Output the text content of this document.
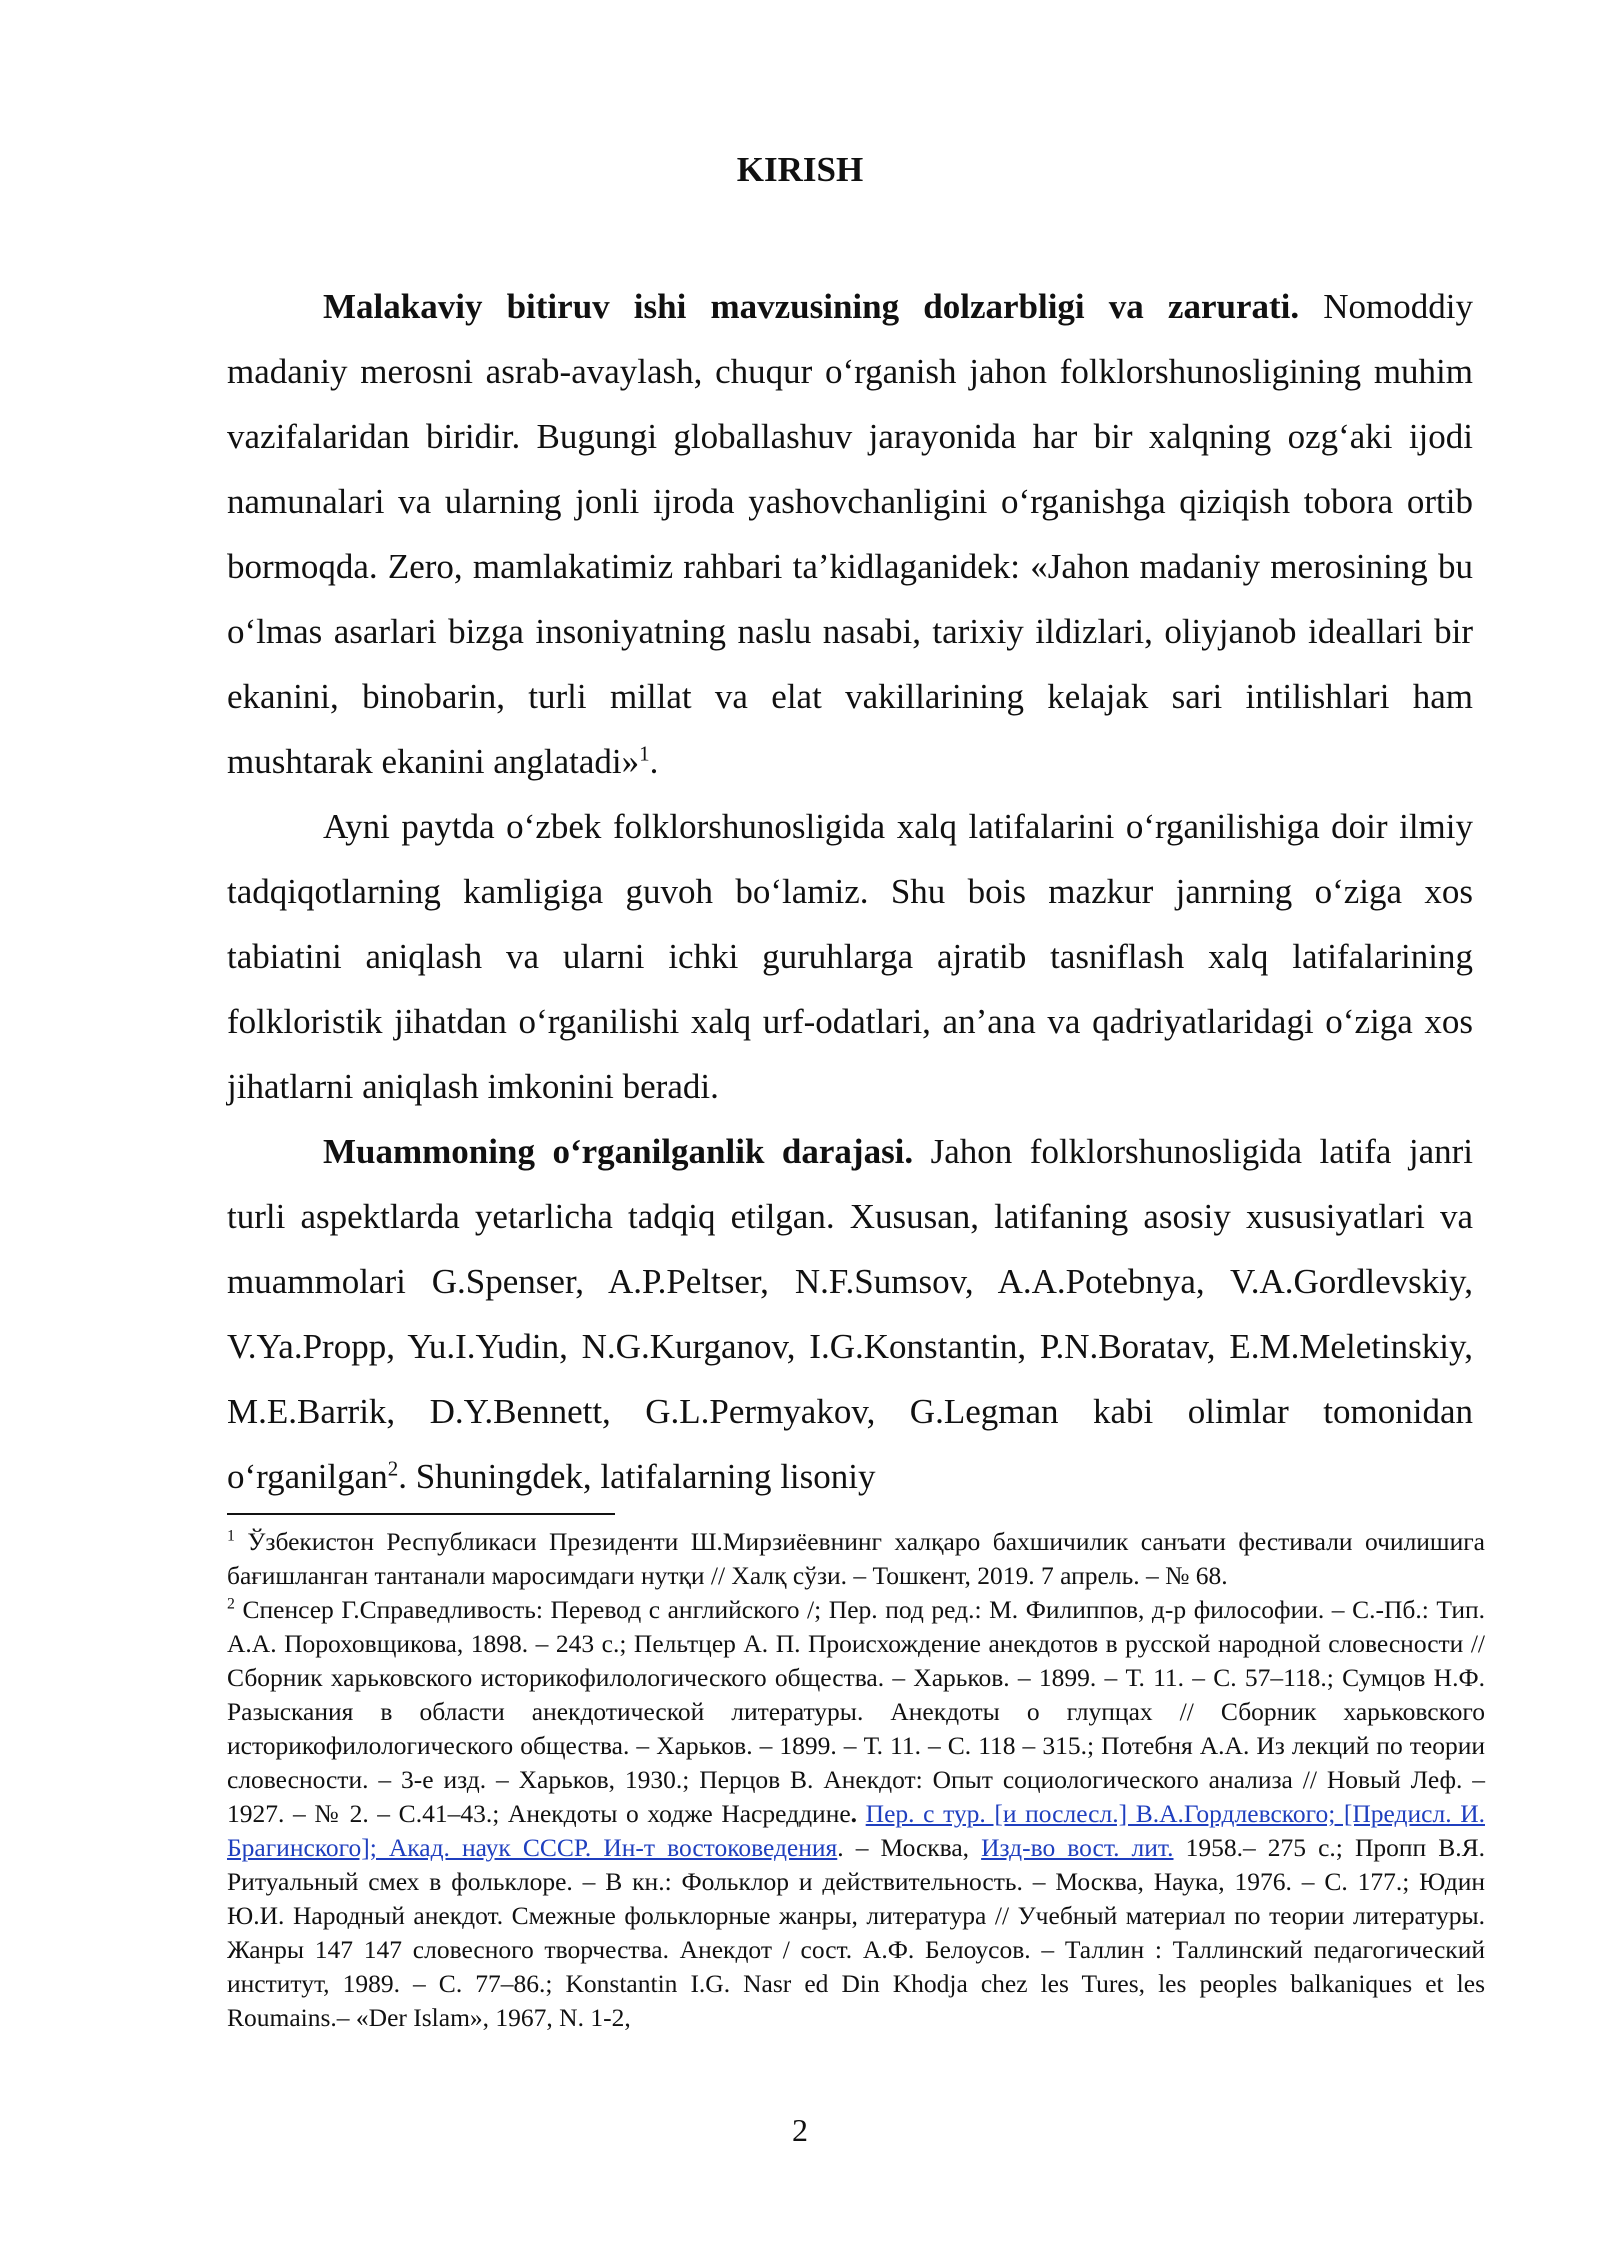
KIRISH

Malakaviy bitiruv ishi mavzusining dolzarbligi va zarurati. Nomoddiy madaniy merosni asrab-avaylash, chuqur o‘rganish jahon folklorshunosligining muhim vazifalaridan biridir. Bugungi globallashuv jarayonida har bir xalqning ozg‘aki ijodi namunalari va ularning jonli ijroda yashovchanligini o‘rganishga qiziqish tobora ortib bormoqda. Zero, mamlakatimiz rahbari ta’kidlaganidek: «Jahon madaniy merosining bu o‘lmas asarlari bizga insoniyatning naslu nasabi, tarixiy ildizlari, oliyjanob ideallari bir ekanini, binobarin, turli millat va elat vakillarining kelajak sari intilishlari ham mushtarak ekanini anglatadi»$^1$.

Ayni paytda o‘zbek folklorshunosligida xalq latifalarini o‘rganilishiga doir ilmiy tadqiqotlarning kamligiga guvoh bo‘lamiz. Shu bois mazkur janrning o‘ziga xos tabiatini aniqlash va ularni ichki guruhlarga ajratib tasniflash xalq latifalarining folkloristik jihatdan o‘rganilishi xalq urf-odatlari, an’ana va qadriyatlaridagi o‘ziga xos jihatlarni aniqlash imkonini beradi.

Muammoning o‘rganilganlik darajasi. Jahon folklorshunosligida latifa janri turli aspektlarda yetarlicha tadqiq etilgan. Xususan, latifaning asosiy xususiyatlari va muammolari G.Spenser, A.P.Peltser, N.F.Sumsov, A.A.Potebnya, V.A.Gordlevskiy, V.Ya.Propp, Yu.I.Yudin, N.G.Kurganov, I.G.Konstantin, P.N.Boratav, E.M.Meletinskiy, M.E.Barrik, D.Y.Bennett, G.L.Permyakov, G.Legman kabi olimlar tomonidan o‘rganilgan$^2$. Shuningdek, latifalarning lisoniy

$^1$ Ўзбекистон Республикаси Президенти Ш.Мирзиёевнинг халқаро бахшичилик санъати фестивали очилишига бағишланган тантанали маросимдаги нутқи // Халқ сўзи. – Тошкент, 2019. 7 апрель. – № 68.

$^2$ Спенсер Г.Справедливость: Перевод с английского /; Пер. под ред.: М. Филиппов, д-р философии. – С.-Пб.: Тип. А.А. Пороховщикова, 1898. – 243 с.; Пельтцер А. П. Происхождение анекдотов в русской народной словесности // Сборник харьковского историкофилологического общества. – Харьков. – 1899. – Т. 11. – С. 57–118.; Сумцов Н.Ф. Разыскания в области анекдотической литературы. Анекдоты о глупцах // Сборник харьковского историкофилологического общества. – Харьков. – 1899. – Т. 11. – С. 118 – 315.; Потебня А.А. Из лекций по теории словесности. – 3-е изд. – Харьков, 1930.; Перцов В. Анекдот: Опыт социологического анализа // Новый Леф. – 1927. – № 2. – С.41–43.; Анекдоты о ходже Насреддине. Пер. с тур. [и послесл.] В.А.Гордлевского; [Предисл. И. Брагинского]; Акад. наук СССР. Ин-т востоковедения. – Москва, Изд-во вост. лит. 1958.– 275 с.; Пропп В.Я. Ритуальный смех в фольклоре. – В кн.: Фольклор и действительность. – Москва, Наука, 1976. – С. 177.; Юдин Ю.И. Народный анекдот. Смежные фольклорные жанры, литература // Учебный материал по теории литературы. Жанры 147 147 словесного творчества. Анекдот / сост. А.Ф. Белоусов. – Таллин : Таллинский педагогический институт, 1989. – С. 77–86.; Konstantin I.G. Nasr ed Din Khodja chez les Tures, les peoples balkaniques et les Roumains.– «Der Islam», 1967, N. 1-2,

2
